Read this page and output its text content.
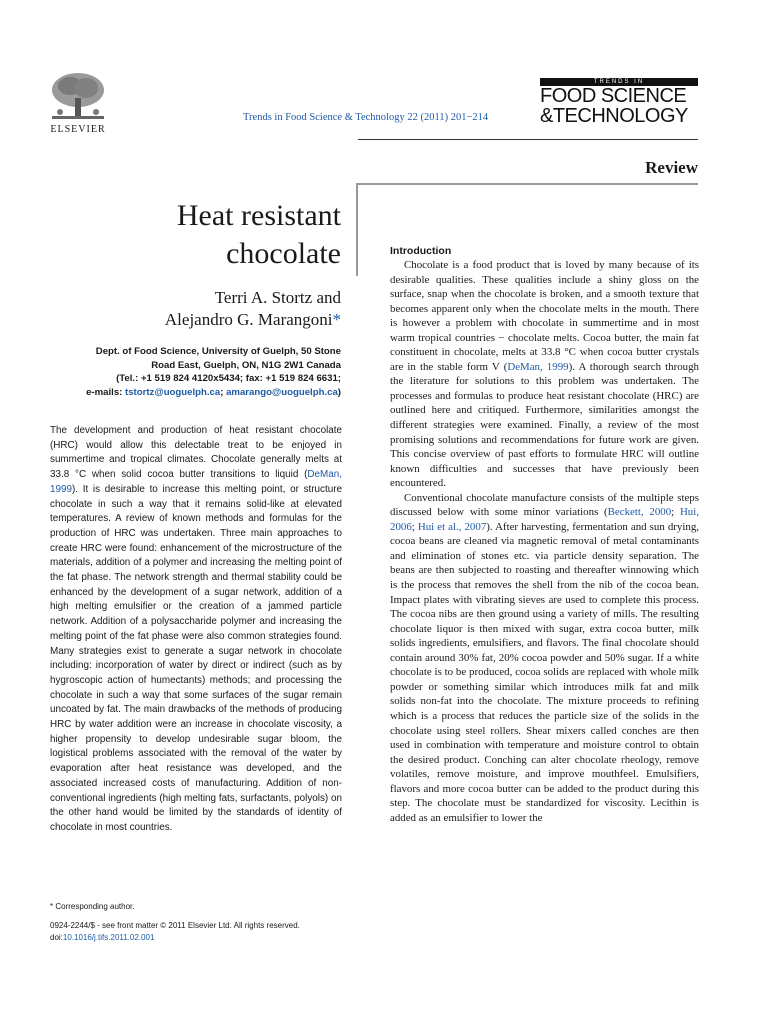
ELSEVIER
Trends in Food Science & Technology 22 (2011) 201−214
TRENDS IN
FOOD SCIENCE
&TECHNOLOGY
Review
Heat resistant
chocolate
Terri A. Stortz and
Alejandro G. Marangoni*
Dept. of Food Science, University of Guelph, 50 Stone
Road East, Guelph, ON, N1G 2W1 Canada
(Tel.: +1 519 824 4120x5434; fax: +1 519 824 6631;
e-mails: tstortz@uoguelph.ca; amarango@uoguelph.ca)
The development and production of heat resistant chocolate (HRC) would allow this delectable treat to be enjoyed in summertime and tropical climates. Chocolate generally melts at 33.8 °C when solid cocoa butter transitions to liquid (DeMan, 1999). It is desirable to increase this melting point, or structure chocolate in such a way that it remains solid-like at elevated temperatures. A review of known methods and formulas for the production of HRC was undertaken. Three main approaches to create HRC were found: enhancement of the microstructure of the materials, addition of a polymer and increasing the melting point of the fat phase. The network strength and thermal stability could be enhanced by the development of a sugar network, addition of a high melting emulsifier or the creation of a jammed particle network. Addition of a polysaccharide polymer and increasing the melting point of the fat phase were also common strategies found. Many strategies exist to generate a sugar network in chocolate including: incorporation of water by direct or indirect (such as by hygroscopic action of humectants) methods; and processing the chocolate in such a way that some surfaces of the sugar remain uncoated by fat. The main drawbacks of the methods of producing HRC by water addition were an increase in chocolate viscosity, a higher propensity to develop undesirable sugar bloom, the logistical problems associated with the removal of the water by evaporation after heat resistance was developed, and the associated increased costs of manufacturing. Addition of non-conventional ingredients (high melting fats, surfactants, polyols) on the other hand would be limited by the standards of identity of chocolate in most countries.
* Corresponding author.
0924-2244/$ - see front matter © 2011 Elsevier Ltd. All rights reserved.
doi:10.1016/j.tifs.2011.02.001
Introduction

Chocolate is a food product that is loved by many because of its desirable qualities. These qualities include a shiny gloss on the surface, snap when the chocolate is broken, and a smooth texture that becomes apparent only when the chocolate melts in the mouth. There is however a problem with chocolate in summertime and in most warm tropical countries − chocolate melts. Cocoa butter, the main fat constituent in chocolate, melts at 33.8 °C when cocoa butter crystals are in the stable form V (DeMan, 1999). A thorough search through the literature for solutions to this problem was undertaken. The processes and formulas to produce heat resistant chocolate (HRC) are outlined here and critiqued. Furthermore, similarities amongst the different strategies were examined. Finally, a review of the most promising solutions and recommendations for future work are given. This concise overview of past efforts to formulate HRC will outline known difficulties and successes that have previously been encountered.

Conventional chocolate manufacture consists of the multiple steps discussed below with some minor variations (Beckett, 2000; Hui, 2006; Hui et al., 2007). After harvesting, fermentation and sun drying, cocoa beans are cleaned via magnetic removal of metal contaminants and elimination of stones etc. via particle density separation. The beans are then subjected to roasting and thereafter winnowing which is the process that removes the shell from the nib of the cocoa bean. Impact plates with vibrating sieves are used to complete this process. The cocoa nibs are then ground using a variety of mills. The resulting chocolate liquor is then mixed with sugar, extra cocoa butter, milk solids ingredients, emulsifiers, and flavors. The final chocolate should contain around 30% fat, 20% cocoa powder and 50% sugar. If a white chocolate is to be produced, cocoa solids are replaced with whole milk powder or something similar which introduces milk fat and milk solids non-fat into the chocolate. The mixture proceeds to refining which is a process that reduces the particle size of the solids in the chocolate using steel rollers. Shear mixers called conches are then used in combination with temperature and moisture control to obtain the desired product. Conching can alter chocolate rheology, remove volatiles, remove moisture, and improve mouthfeel. Emulsifiers, flavors and more cocoa butter can be added to the product during this step. The chocolate must be standardized for viscosity. Lecithin is added as an emulsifier to lower the
